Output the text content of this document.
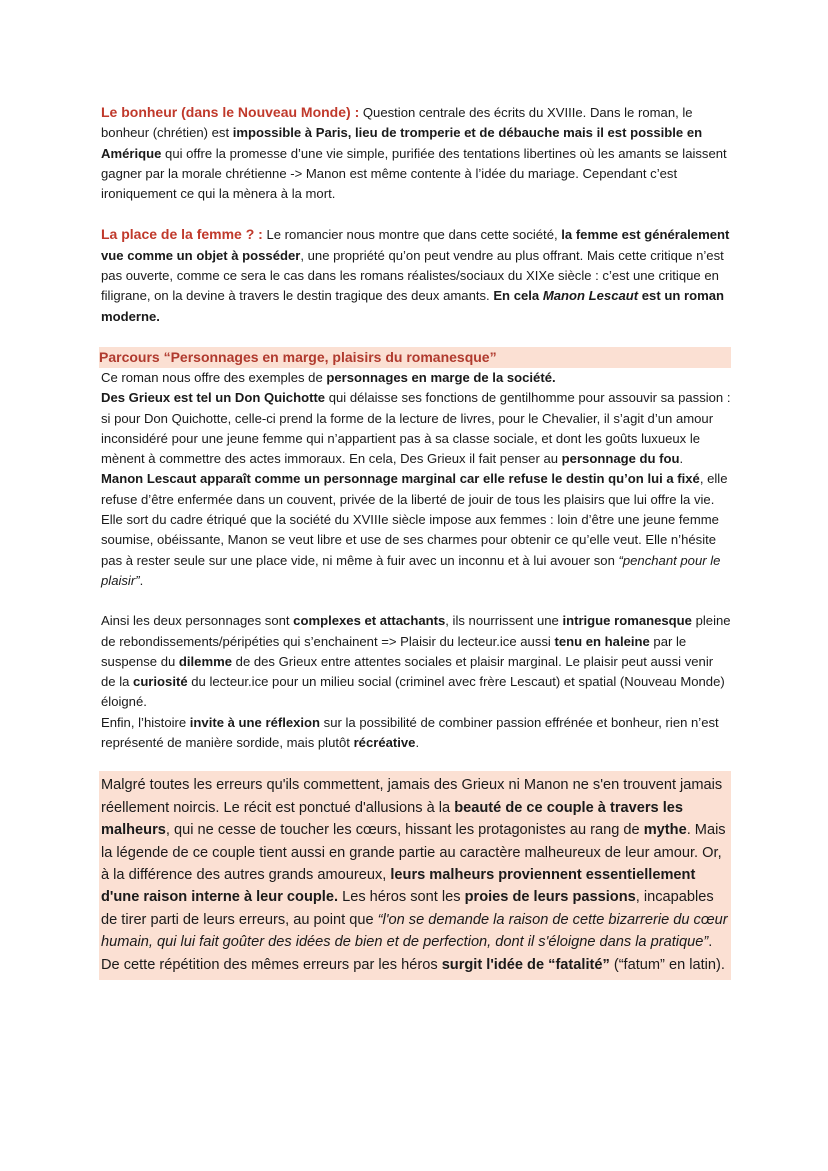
Le bonheur (dans le Nouveau Monde) : Question centrale des écrits du XVIIIe. Dans le roman, le bonheur (chrétien) est impossible à Paris, lieu de tromperie et de débauche mais il est possible en Amérique qui offre la promesse d’une vie simple, purifiée des tentations libertines où les amants se laissent gagner par la morale chrétienne -> Manon est même contente à l’idée du mariage. Cependant c’est ironiquement ce qui la mènera à la mort.

La place de la femme ? : Le romancier nous montre que dans cette société, la femme est généralement vue comme un objet à posséder, une propriété qu’on peut vendre au plus offrant. Mais cette critique n’est pas ouverte, comme ce sera le cas dans les romans réalistes/sociaux du XIXe siècle : c’est une critique en filigrane, on la devine à travers le destin tragique des deux amants. En cela Manon Lescaut est un roman moderne.

Parcours “Personnages en marge, plaisirs du romanesque”

Ce roman nous offre des exemples de personnages en marge de la société.

Des Grieux est tel un Don Quichotte qui délaisse ses fonctions de gentilhomme pour assouvir sa passion : si pour Don Quichotte, celle-ci prend la forme de la lecture de livres, pour le Chevalier, il s’agit d’un amour inconsidéré pour une jeune femme qui n’appartient pas à sa classe sociale, et dont les goûts luxueux le mènent à commettre des actes immoraux. En cela, Des Grieux il fait penser au personnage du fou.

Manon Lescaut apparaît comme un personnage marginal car elle refuse le destin qu’on lui a fixé, elle refuse d’être enfermée dans un couvent, privée de la liberté de jouir de tous les plaisirs que lui offre la vie. Elle sort du cadre étriqué que la société du XVIIIe siècle impose aux femmes : loin d’être une jeune femme soumise, obéissante, Manon se veut libre et use de ses charmes pour obtenir ce qu’elle veut. Elle n’hésite pas à rester seule sur une place vide, ni même à fuir avec un inconnu et à lui avouer son “penchant pour le plaisir”.

Ainsi les deux personnages sont complexes et attachants, ils nourrissent une intrigue romanesque pleine de rebondissements/péripéties qui s’enchainent => Plaisir du lecteur.ice aussi tenu en haleine par le suspense du dilemme de des Grieux entre attentes sociales et plaisir marginal. Le plaisir peut aussi venir de la curiosité du lecteur.ice pour un milieu social (criminel avec frère Lescaut) et spatial (Nouveau Monde) éloigné.

Enfin, l’histoire invite à une réflexion sur la possibilité de combiner passion effrénée et bonheur, rien n’est représenté de manière sordide, mais plutôt récréative.

Malgré toutes les erreurs qu'ils commettent, jamais des Grieux ni Manon ne s'en trouvent jamais réellement noircis. Le récit est ponctué d'allusions à la beauté de ce couple à travers les malheurs, qui ne cesse de toucher les cœurs, hissant les protagonistes au rang de mythe. Mais la légende de ce couple tient aussi en grande partie au caractère malheureux de leur amour. Or, à la différence des autres grands amoureux, leurs malheurs proviennent essentiellement d'une raison interne à leur couple. Les héros sont les proies de leurs passions, incapables de tirer parti de leurs erreurs, au point que “l'on se demande la raison de cette bizarrerie du cœur humain, qui lui fait goûter des idées de bien et de perfection, dont il s'éloigne dans la pratique”. De cette répétition des mêmes erreurs par les héros surgit l'idée de “fatalité” (“fatum” en latin).
